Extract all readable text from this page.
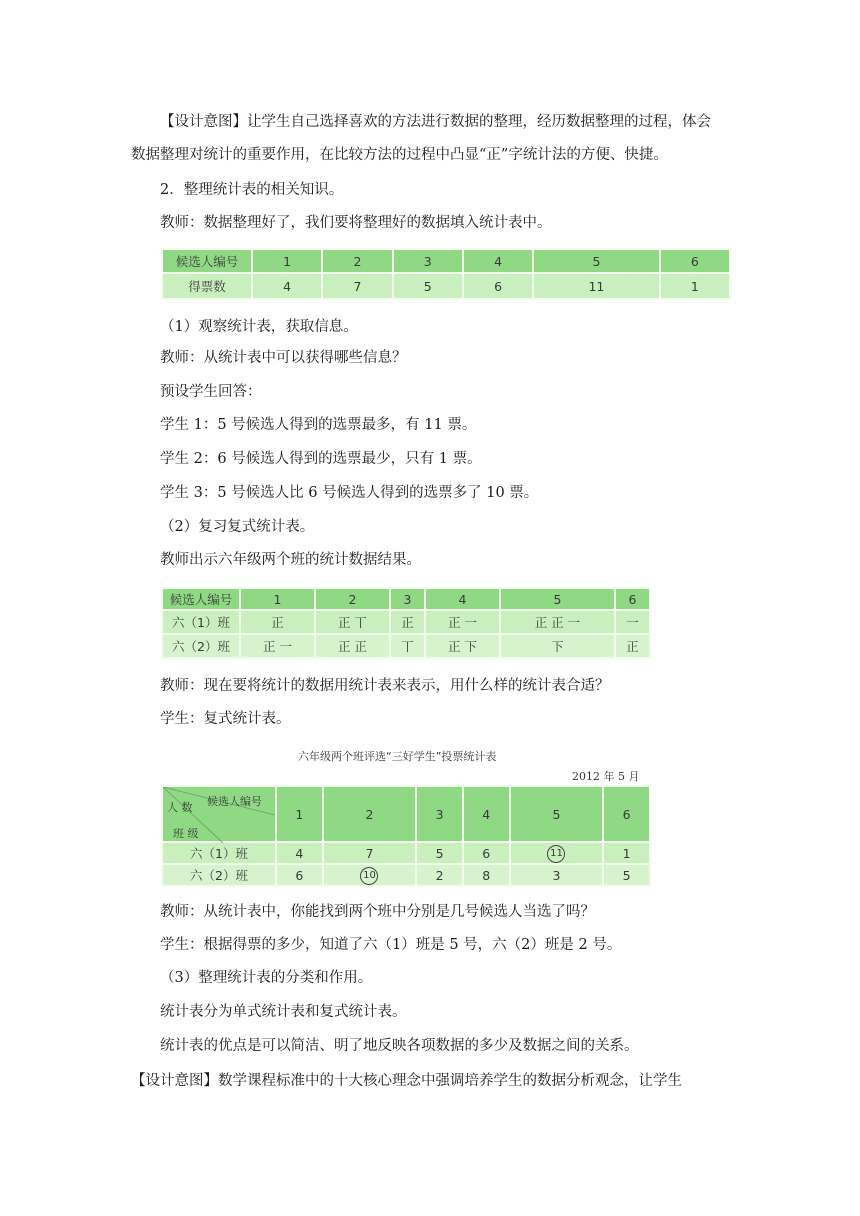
【设计意图】让学生自己选择喜欢的方法进行数据的整理，经历数据整理的过程，体会
数据整理对统计的重要作用，在比较方法的过程中凸显“正”字统计法的方便、快捷。
2．整理统计表的相关知识。
教师：数据整理好了，我们要将整理好的数据填入统计表中。
候选人编号	1	2	3	4	5	6
得票数	4	7	5	6	11	1
（1）观察统计表，获取信息。
教师：从统计表中可以获得哪些信息？
预设学生回答：
学生 1：5 号候选人得到的选票最多，有 11 票。
学生 2：6 号候选人得到的选票最少，只有 1 票。
学生 3：5 号候选人比 6 号候选人得到的选票多了 10 票。
（2）复习复式统计表。
教师出示六年级两个班的统计数据结果。
候选人编号	1	2	3	4	5	6
六（1）班	正	正 丅	正	正 一	正 正 一	一
六（2）班	正 一	正 正	丅	正 下	下	正
教师：现在要将统计的数据用统计表来表示，用什么样的统计表合适？
学生：复式统计表。
六年级两个班评选“三好学生”投票统计表
2012 年 5 月
候选人编号
人 数
班 级	1	2	3	4	5	6
六（1）班	4	7	5	6	11	1
六（2）班	6	10	2	8	3	5
教师：从统计表中，你能找到两个班中分别是几号候选人当选了吗？
学生：根据得票的多少，知道了六（1）班是 5 号，六（2）班是 2 号。
（3）整理统计表的分类和作用。
统计表分为单式统计表和复式统计表。
统计表的优点是可以简洁、明了地反映各项数据的多少及数据之间的关系。
【设计意图】数学课程标准中的十大核心理念中强调培养学生的数据分析观念，让学生
